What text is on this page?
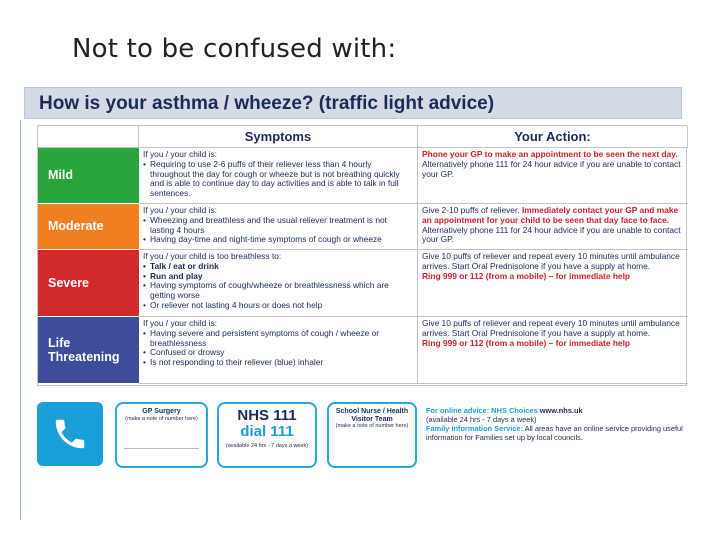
Not to be confused with:
How is your asthma / wheeze? (traffic light advice)
Symptoms	Your Action:
Mild
If you / your child is:
• Requiring to use 2-6 puffs of their reliever less than 4 hourly throughout the day for cough or wheeze but is not breathing quickly and is able to continue day to day activities and is able to talk in full sentences.
Phone your GP to make an appointment to be seen the next day. Alternatively phone 111 for 24 hour advice if you are unable to contact your GP.
Moderate
If you / your child is:
• Wheezing and breathless and the usual reliever treatment is not lasting 4 hours
• Having day-time and night-time symptoms of cough or wheeze
Give 2-10 puffs of reliever. Immediately contact your GP and make an appointment for your child to be seen that day face to face. Alternatively phone 111 for 24 hour advice if you are unable to contact your GP.
Severe
If you / your child is too breathless to:
• Talk / eat or drink
• Run and play
• Having symptoms of cough/wheeze or breathlessness which are getting worse
• Or reliever not lasting 4 hours or does not help
Give 10 puffs of reliever and repeat every 10 minutes until ambulance arrives. Start Oral Prednisolone if you have a supply at home.
Ring 999 or 112 (from a mobile) – for immediate help
Life Threatening
If you / your child is:
• Having severe and persistent symptoms of cough / wheeze or breathlessness
• Confused or drowsy
• Is not responding to their reliever (blue) inhaler
Give 10 puffs of reliever and repeat every 10 minutes until ambulance arrives. Start Oral Prednisolone if you have a supply at home.
Ring 999 or 112 (from a mobile) – for immediate help
GP Surgery
(make a note of number here)	NHS 111
dial 111
(available 24 hrs - 7 days a week)
School Nurse / Health Visitor Team
(make a note of number here)
For online advice: NHS Choices www.nhs.uk
(available 24 hrs - 7 days a week)
Family Information Service: All areas have an online service providing useful information for Families set up by local councils.
